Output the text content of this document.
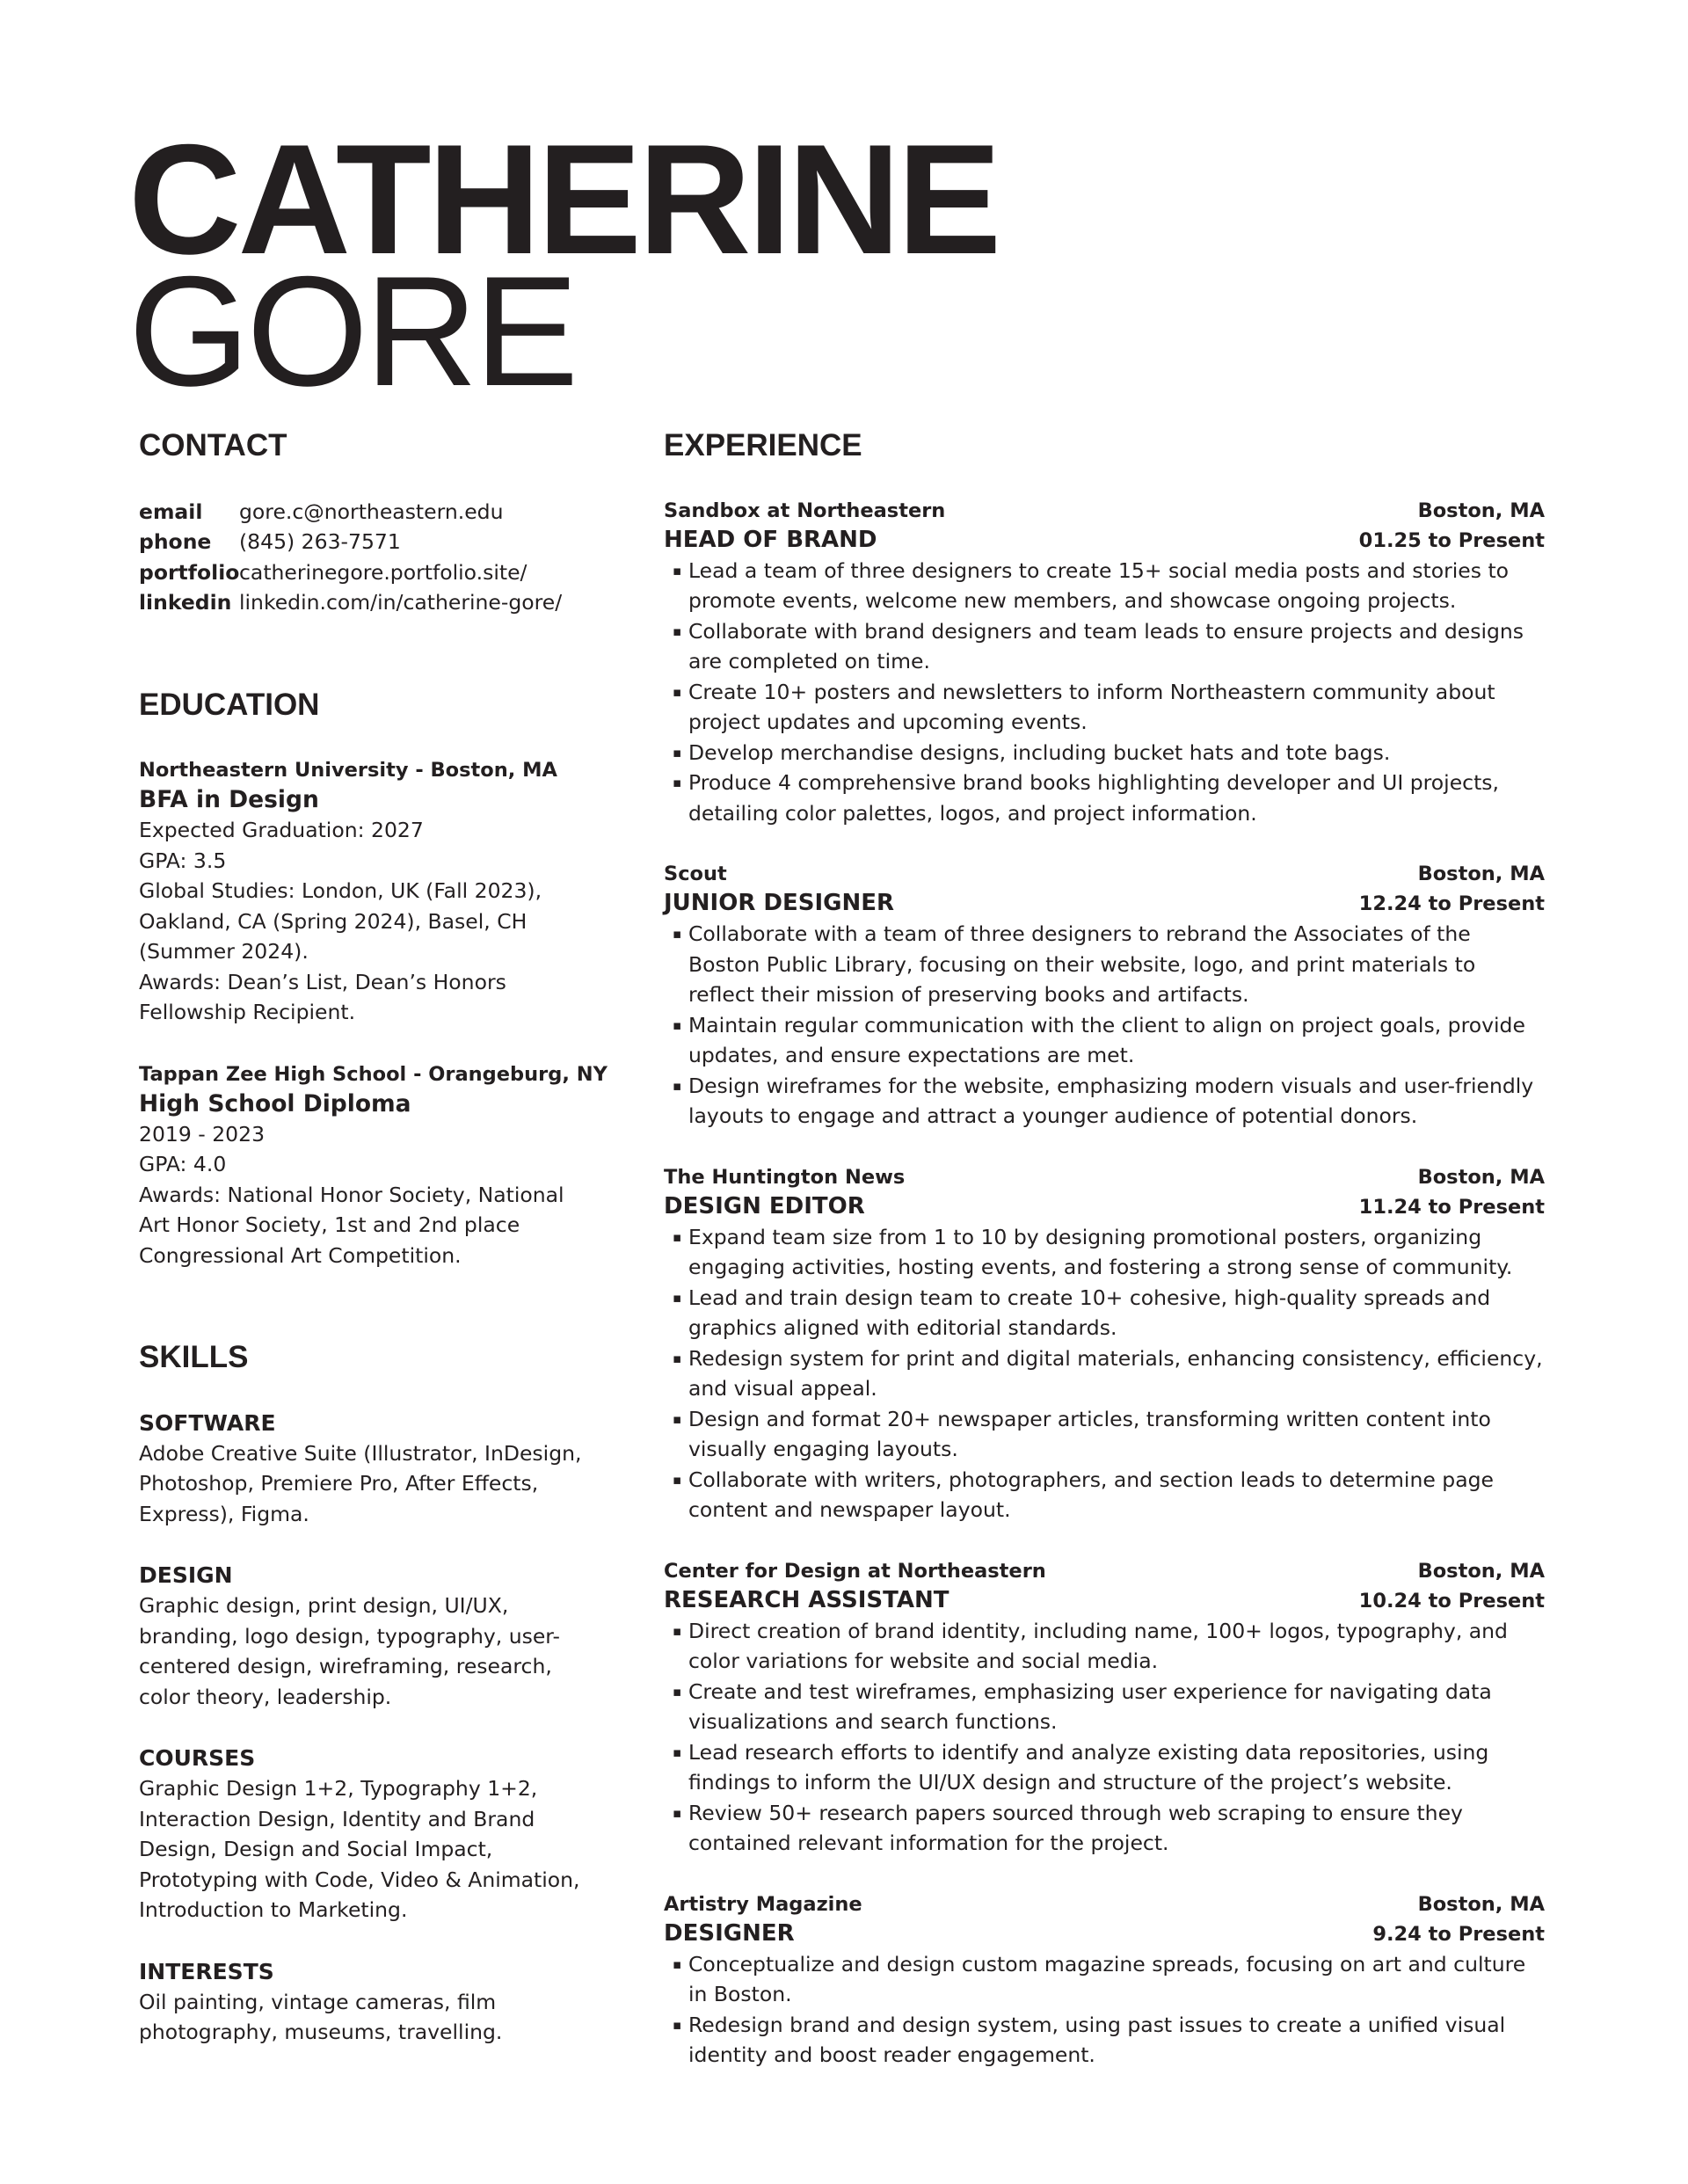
CATHERINE
GORE
CONTACT
email	gore.c@northeastern.edu
phone	(845) 263-7571
portfolio catherinegore.portfolio.site/
linkedin linkedin.com/in/catherine-gore/
EDUCATION
Northeastern University - Boston, MA
BFA in Design
Expected Graduation: 2027
GPA: 3.5
Global Studies: London, UK (Fall 2023), Oakland, CA (Spring 2024), Basel, CH (Summer 2024).
Awards: Dean’s List, Dean’s Honors Fellowship Recipient.
Tappan Zee High School - Orangeburg, NY
High School Diploma
2019 - 2023
GPA: 4.0
Awards: National Honor Society, National Art Honor Society, 1st and 2nd place Congressional Art Competition.
SKILLS
SOFTWARE
Adobe Creative Suite (Illustrator, InDesign, Photoshop, Premiere Pro, After Effects, Express), Figma.
DESIGN
Graphic design, print design, UI/UX, branding, logo design, typography, user-centered design, wireframing, research, color theory, leadership.
COURSES
Graphic Design 1+2, Typography 1+2, Interaction Design, Identity and Brand Design, Design and Social Impact, Prototyping with Code, Video & Animation, Introduction to Marketing.
INTERESTS
Oil painting, vintage cameras, film photography, museums, travelling.
EXPERIENCE
Sandbox at Northeastern	Boston, MA
HEAD OF BRAND	01.25 to Present
▪ Lead a team of three designers to create 15+ social media posts and stories to promote events, welcome new members, and showcase ongoing projects.
▪ Collaborate with brand designers and team leads to ensure projects and designs are completed on time.
▪ Create 10+ posters and newsletters to inform Northeastern community about project updates and upcoming events.
▪ Develop merchandise designs, including bucket hats and tote bags.
▪ Produce 4 comprehensive brand books highlighting developer and UI projects, detailing color palettes, logos, and project information.
Scout	Boston, MA
JUNIOR DESIGNER	12.24 to Present
▪ Collaborate with a team of three designers to rebrand the Associates of the Boston Public Library, focusing on their website, logo, and print materials to reflect their mission of preserving books and artifacts.
▪ Maintain regular communication with the client to align on project goals, provide updates, and ensure expectations are met.
▪ Design wireframes for the website, emphasizing modern visuals and user-friendly layouts to engage and attract a younger audience of potential donors.
The Huntington News	Boston, MA
DESIGN EDITOR	11.24 to Present
▪ Expand team size from 1 to 10 by designing promotional posters, organizing engaging activities, hosting events, and fostering a strong sense of community.
▪ Lead and train design team to create 10+ cohesive, high-quality spreads and graphics aligned with editorial standards.
▪ Redesign system for print and digital materials, enhancing consistency, efficiency, and visual appeal.
▪ Design and format 20+ newspaper articles, transforming written content into visually engaging layouts.
▪ Collaborate with writers, photographers, and section leads to determine page content and newspaper layout.
Center for Design at Northeastern	Boston, MA
RESEARCH ASSISTANT	10.24 to Present
▪ Direct creation of brand identity, including name, 100+ logos, typography, and color variations for website and social media.
▪ Create and test wireframes, emphasizing user experience for navigating data visualizations and search functions.
▪ Lead research efforts to identify and analyze existing data repositories, using findings to inform the UI/UX design and structure of the project’s website.
▪ Review 50+ research papers sourced through web scraping to ensure they contained relevant information for the project.
Artistry Magazine	Boston, MA
DESIGNER	9.24 to Present
▪ Conceptualize and design custom magazine spreads, focusing on art and culture in Boston.
▪ Redesign brand and design system, using past issues to create a unified visual identity and boost reader engagement.
